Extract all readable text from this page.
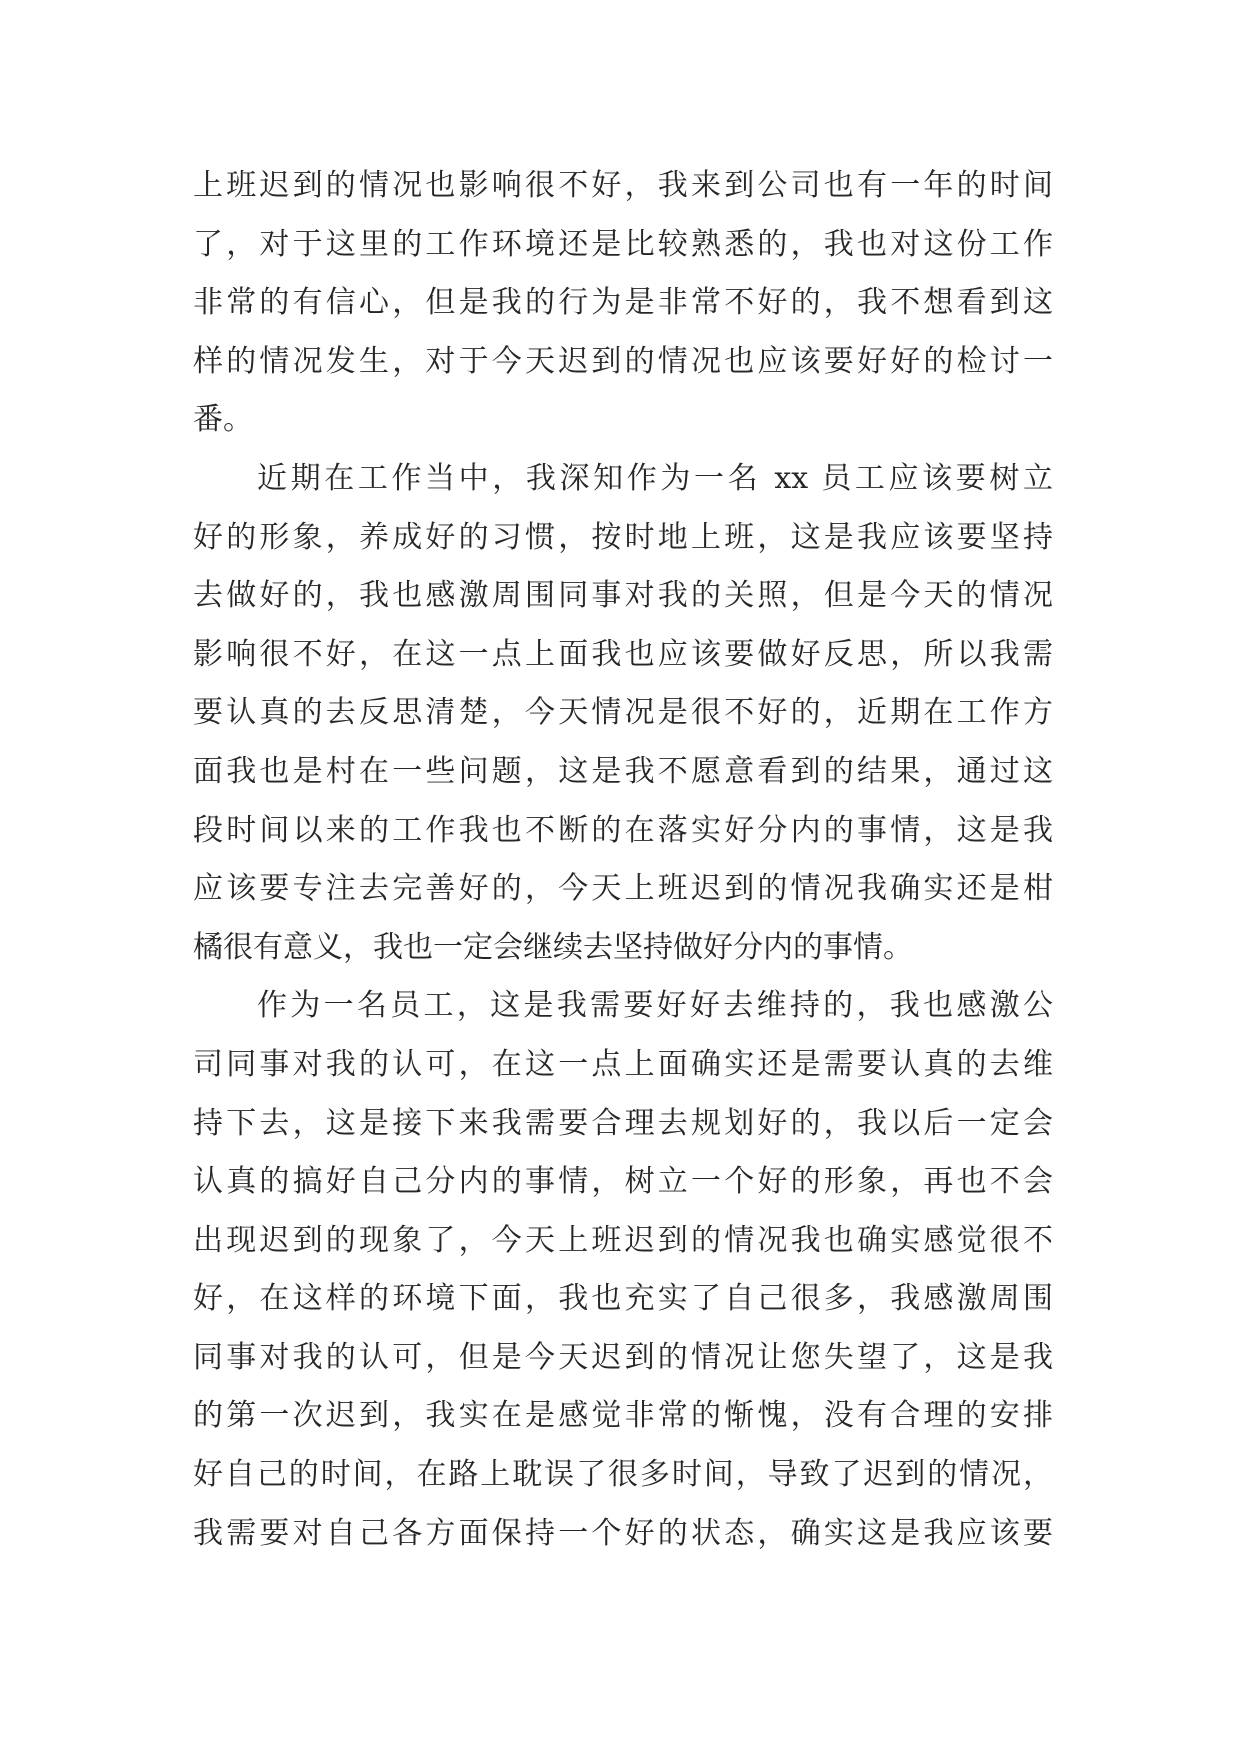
上班迟到的情况也影响很不好，我来到公司也有一年的时间
了，对于这里的工作环境还是比较熟悉的，我也对这份工作
非常的有信心，但是我的行为是非常不好的，我不想看到这
样的情况发生，对于今天迟到的情况也应该要好好的检讨一
番。
近期在工作当中，我深知作为一名 xx 员工应该要树立
好的形象，养成好的习惯，按时地上班，这是我应该要坚持
去做好的，我也感激周围同事对我的关照，但是今天的情况
影响很不好，在这一点上面我也应该要做好反思，所以我需
要认真的去反思清楚，今天情况是很不好的，近期在工作方
面我也是村在一些问题，这是我不愿意看到的结果，通过这
段时间以来的工作我也不断的在落实好分内的事情，这是我
应该要专注去完善好的，今天上班迟到的情况我确实还是柑
橘很有意义，我也一定会继续去坚持做好分内的事情。
作为一名员工，这是我需要好好去维持的，我也感激公
司同事对我的认可，在这一点上面确实还是需要认真的去维
持下去，这是接下来我需要合理去规划好的，我以后一定会
认真的搞好自己分内的事情，树立一个好的形象，再也不会
出现迟到的现象了，今天上班迟到的情况我也确实感觉很不
好，在这样的环境下面，我也充实了自己很多，我感激周围
同事对我的认可，但是今天迟到的情况让您失望了，这是我
的第一次迟到，我实在是感觉非常的惭愧，没有合理的安排
好自己的时间，在路上耽误了很多时间，导致了迟到的情况，
我需要对自己各方面保持一个好的状态，确实这是我应该要
